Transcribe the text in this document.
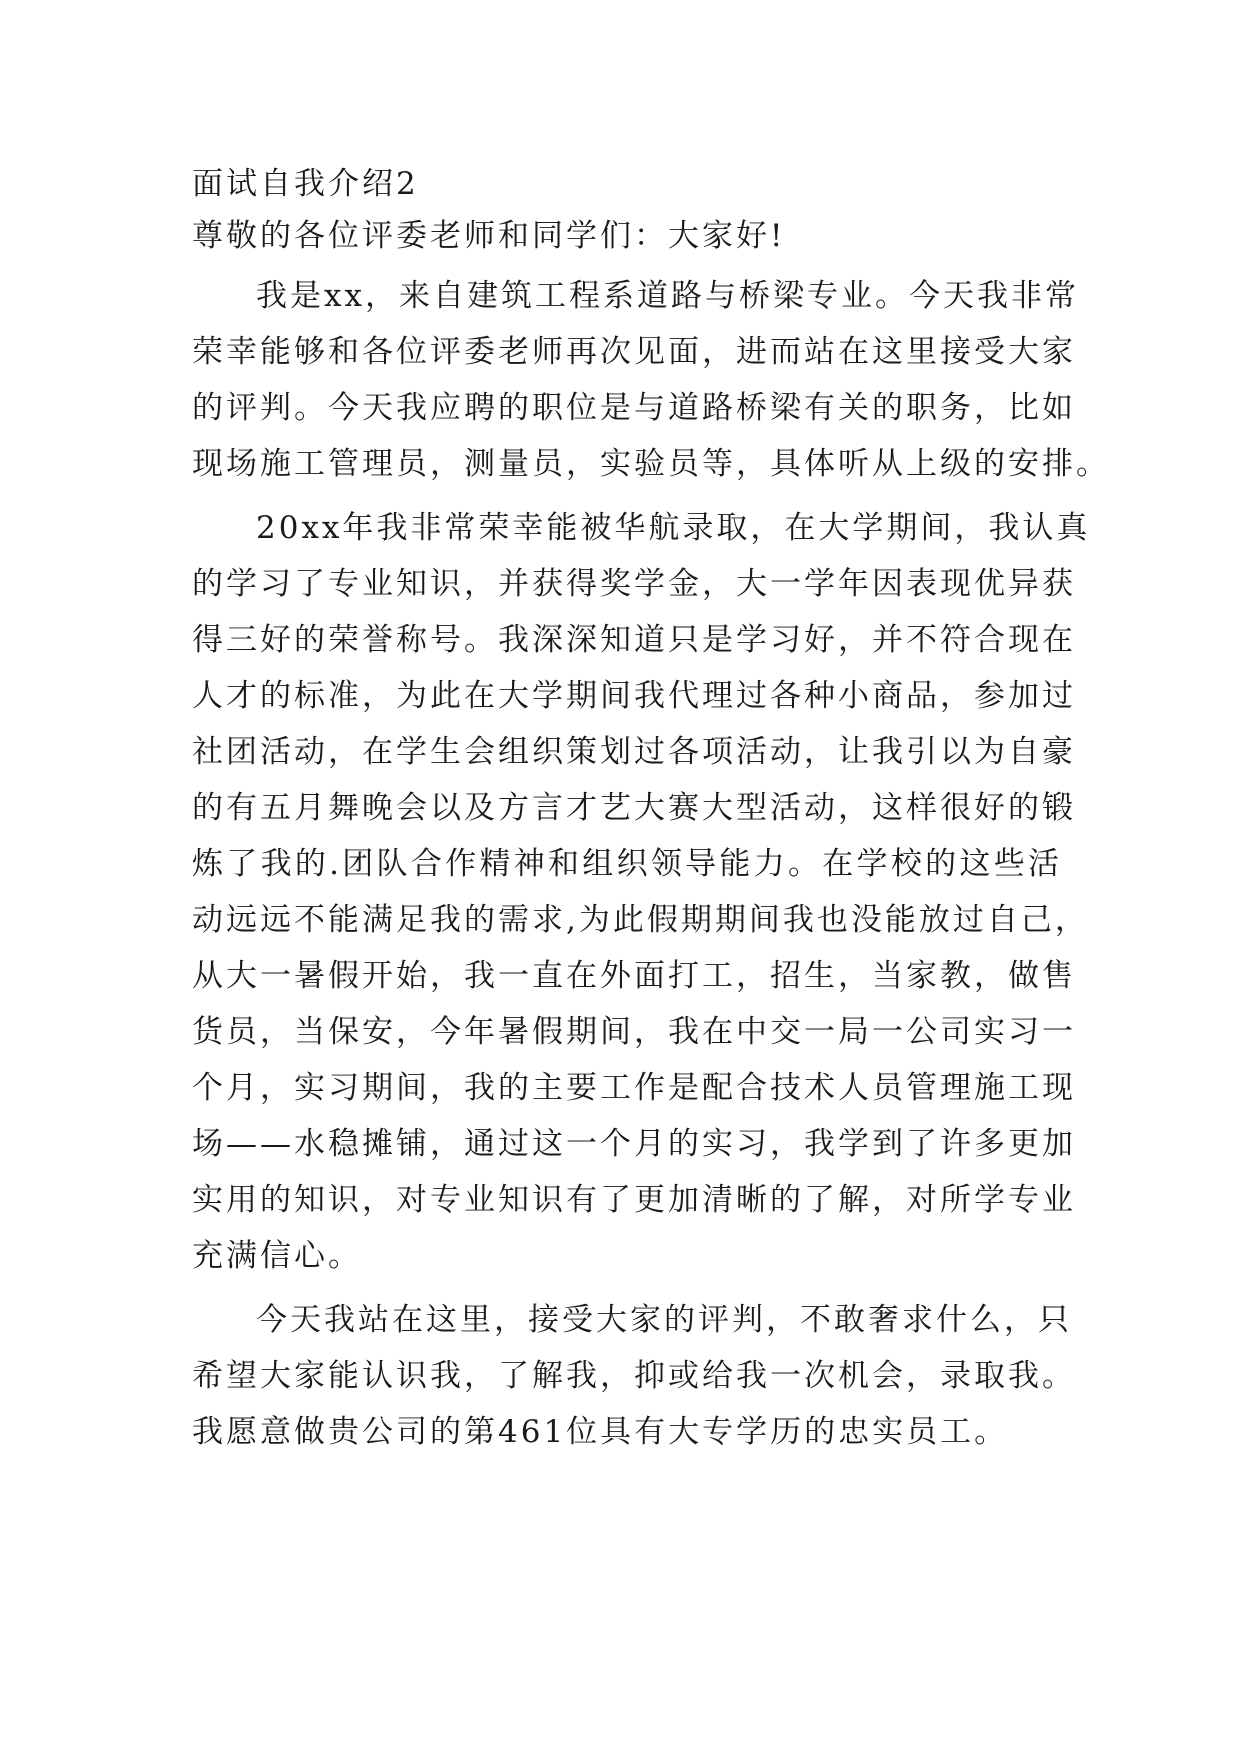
面试自我介绍2
尊敬的各位评委老师和同学们：大家好!
我是xx，来自建筑工程系道路与桥梁专业。今天我非常
荣幸能够和各位评委老师再次见面，进而站在这里接受大家
的评判。今天我应聘的职位是与道路桥梁有关的职务，比如
现场施工管理员，测量员，实验员等，具体听从上级的安排。
20xx年我非常荣幸能被华航录取，在大学期间，我认真
的学习了专业知识，并获得奖学金，大一学年因表现优异获
得三好的荣誉称号。我深深知道只是学习好，并不符合现在
人才的标准，为此在大学期间我代理过各种小商品，参加过
社团活动，在学生会组织策划过各项活动，让我引以为自豪
的有五月舞晚会以及方言才艺大赛大型活动，这样很好的锻
炼了我的.团队合作精神和组织领导能力。在学校的这些活
动远远不能满足我的需求,为此假期期间我也没能放过自己，
从大一暑假开始，我一直在外面打工，招生，当家教，做售
货员，当保安，今年暑假期间，我在中交一局一公司实习一
个月，实习期间，我的主要工作是配合技术人员管理施工现
场——水稳摊铺，通过这一个月的实习，我学到了许多更加
实用的知识，对专业知识有了更加清晰的了解，对所学专业
充满信心。
今天我站在这里，接受大家的评判，不敢奢求什么，只
希望大家能认识我，了解我，抑或给我一次机会，录取我。
我愿意做贵公司的第461位具有大专学历的忠实员工。
